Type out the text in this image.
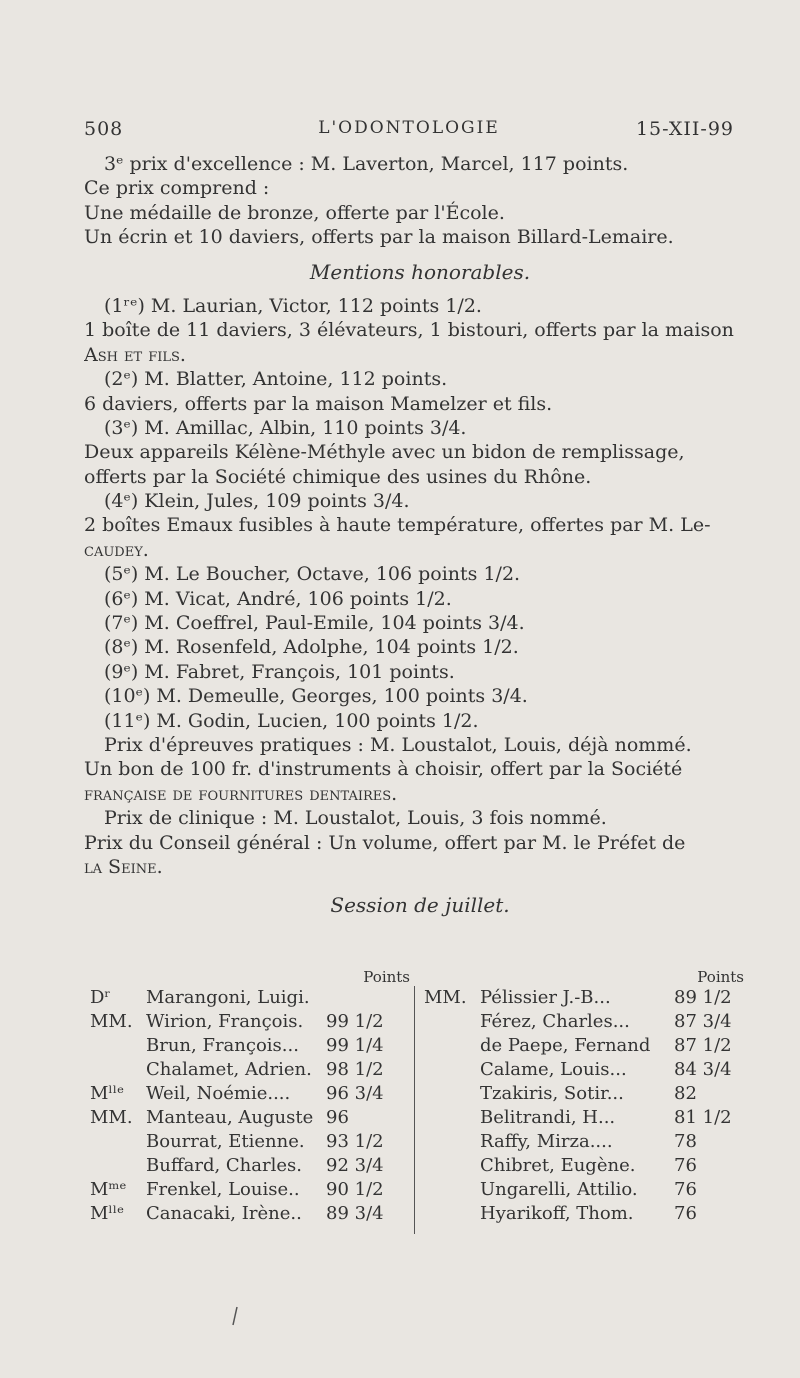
508	L'ODONTOLOGIE	15-XII-99
3ᵉ prix d'excellence : M. Laverton, Marcel, 117 points.
Ce prix comprend :
Une médaille de bronze, offerte par l'École.
Un écrin et 10 daviers, offerts par la maison Billard-Lemaire.
Mentions honorables.
(1ʳᵉ) M. Laurian, Victor, 112 points 1/2.
1 boîte de 11 daviers, 3 élévateurs, 1 bistouri, offerts par la maison
Ash et fils.
(2ᵉ) M. Blatter, Antoine, 112 points.
6 daviers, offerts par la maison Mamelzer et fils.
(3ᵉ) M. Amillac, Albin, 110 points 3/4.
Deux appareils Kélène-Méthyle avec un bidon de remplissage,
offerts par la Société chimique des usines du Rhône.
(4ᵉ) Klein, Jules, 109 points 3/4.
2 boîtes Emaux fusibles à haute température, offertes par M. Le-
caudey.
(5ᵉ) M. Le Boucher, Octave, 106 points 1/2.
(6ᵉ) M. Vicat, André, 106 points 1/2.
(7ᵉ) M. Coeffrel, Paul-Emile, 104 points 3/4.
(8ᵉ) M. Rosenfeld, Adolphe, 104 points 1/2.
(9ᵉ) M. Fabret, François, 101 points.
(10ᵉ) M. Demeulle, Georges, 100 points 3/4.
(11ᵉ) M. Godin, Lucien, 100 points 1/2.
Prix d'épreuves pratiques : M. Loustalot, Louis, déjà nommé.
Un bon de 100 fr. d'instruments à choisir, offert par la Société
française de fournitures dentaires.
Prix de clinique : M. Loustalot, Louis, 3 fois nommé.
Prix du Conseil général : Un volume, offert par M. le Préfet de
la Seine.
Session de juillet.
Points
Dʳ Marangoni, Luigi.
MM. Wirion, François. 99 1/2
Brun, François... 99 1/4
Chalamet, Adrien. 98 1/2
Mˡˡᵉ Weil, Noémie.... 96 3/4
MM. Manteau, Auguste 96
Bourrat, Etienne. 93 1/2
Buffard, Charles. 92 3/4
Mᵐᵉ Frenkel, Louise.. 90 1/2
Mˡˡᵉ Canacaki, Irène.. 89 3/4
Points
MM. Pélissier J.-B...	89 1/2
Férez, Charles... 87 3/4
de Paepe, Fernand 87 1/2
Calame, Louis...	84 3/4
Tzakiris, Sotir...	82
Belitrandi, H...	81 1/2
Raffy, Mirza....	78
Chibret, Eugène. 76
Ungarelli, Attilio. 76
Hyarikoff, Thom. 76
